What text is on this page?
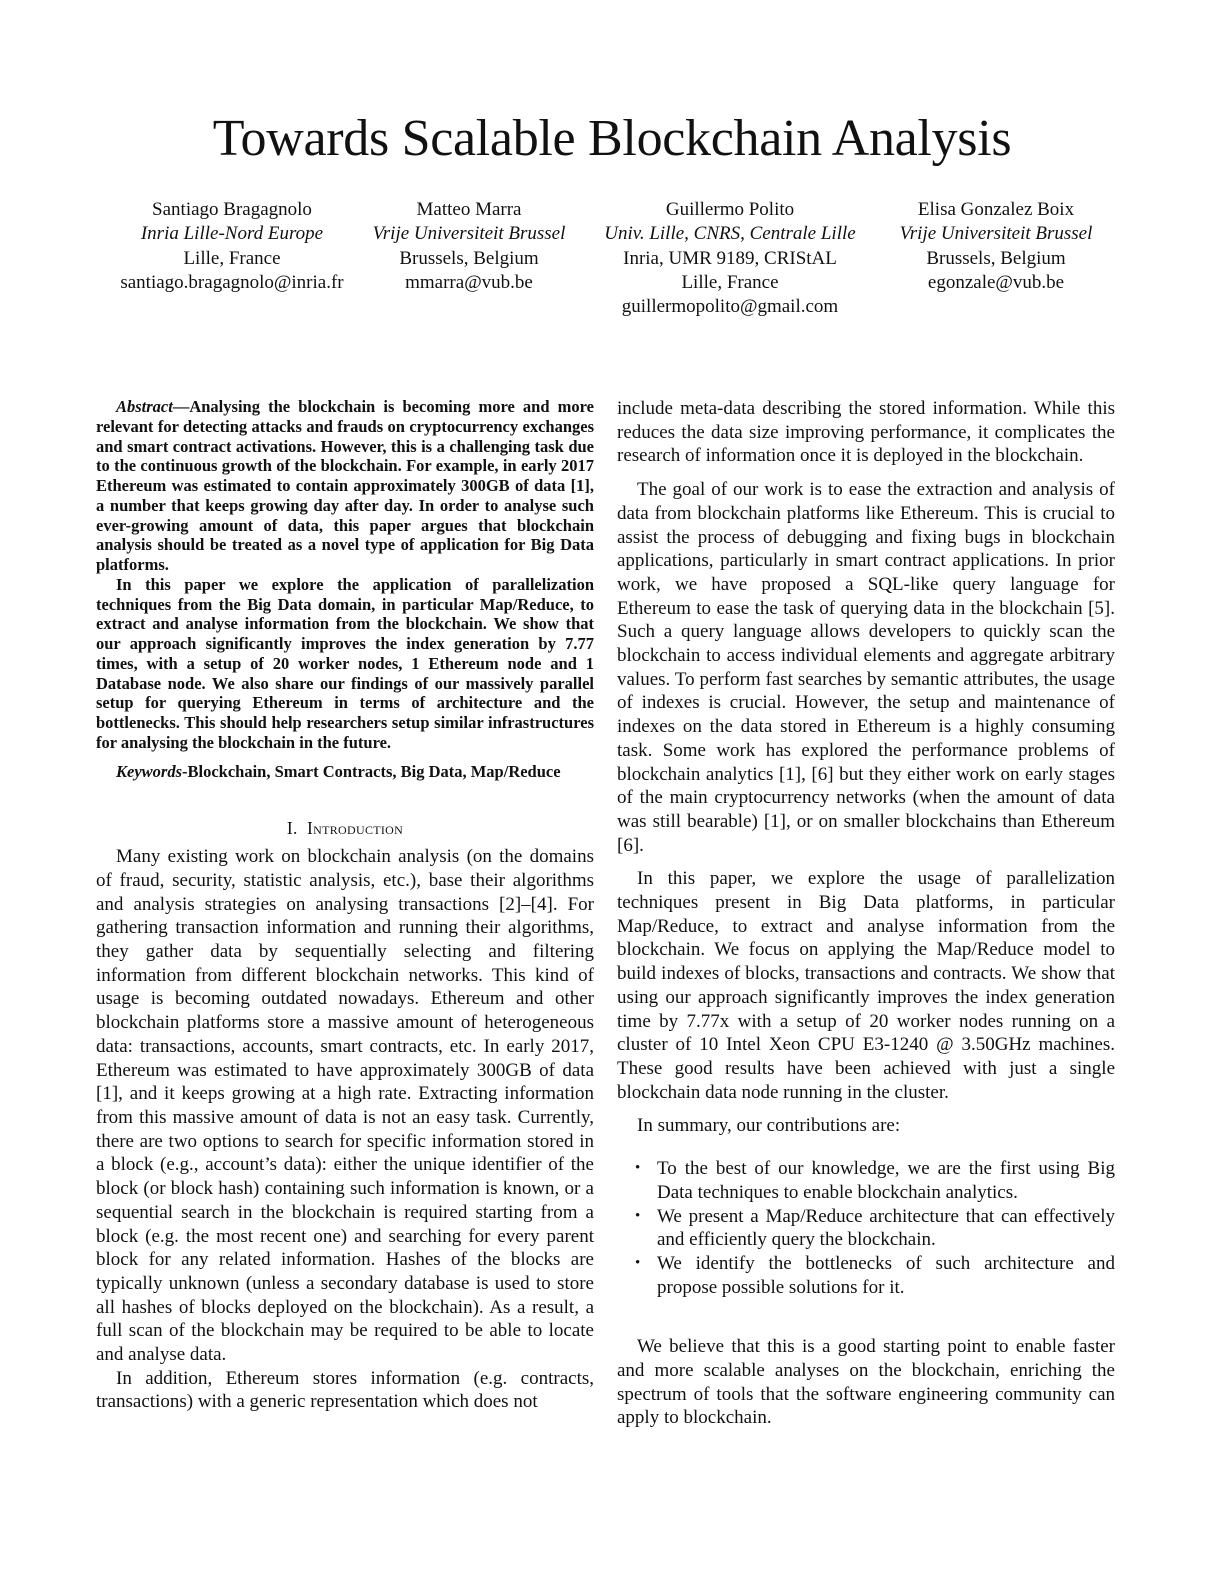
Towards Scalable Blockchain Analysis
Santiago Bragagnolo
Inria Lille-Nord Europe
Lille, France
santiago.bragagnolo@inria.fr
Matteo Marra
Vrije Universiteit Brussel
Brussels, Belgium
mmarra@vub.be
Guillermo Polito
Univ. Lille, CNRS, Centrale Lille
Inria, UMR 9189, CRIStAL
Lille, France
guillermopolito@gmail.com
Elisa Gonzalez Boix
Vrije Universiteit Brussel
Brussels, Belgium
egonzale@vub.be

Abstract—Analysing the blockchain is becoming more and more relevant for detecting attacks and frauds on cryptocurrency exchanges and smart contract activations. However, this is a challenging task due to the continuous growth of the blockchain. For example, in early 2017 Ethereum was estimated to contain approximately 300GB of data [1], a number that keeps growing day after day. In order to analyse such ever-growing amount of data, this paper argues that blockchain analysis should be treated as a novel type of application for Big Data platforms.

In this paper we explore the application of parallelization techniques from the Big Data domain, in particular Map/Reduce, to extract and analyse information from the blockchain. We show that our approach significantly improves the index generation by 7.77 times, with a setup of 20 worker nodes, 1 Ethereum node and 1 Database node. We also share our findings of our massively parallel setup for querying Ethereum in terms of architecture and the bottlenecks. This should help researchers setup similar infrastructures for analysing the blockchain in the future.

Keywords-Blockchain, Smart Contracts, Big Data, Map/Reduce

I. Introduction

Many existing work on blockchain analysis (on the domains of fraud, security, statistic analysis, etc.), base their algorithms and analysis strategies on analysing transactions [2]–[4]. For gathering transaction information and running their algorithms, they gather data by sequentially selecting and filtering information from different blockchain networks. This kind of usage is becoming outdated nowadays. Ethereum and other blockchain platforms store a massive amount of heterogeneous data: transactions, accounts, smart contracts, etc. In early 2017, Ethereum was estimated to have approximately 300GB of data [1], and it keeps growing at a high rate. Extracting information from this massive amount of data is not an easy task. Currently, there are two options to search for specific information stored in a block (e.g., account’s data): either the unique identifier of the block (or block hash) containing such information is known, or a sequential search in the blockchain is required starting from a block (e.g. the most recent one) and searching for every parent block for any related information. Hashes of the blocks are typically unknown (unless a secondary database is used to store all hashes of blocks deployed on the blockchain). As a result, a full scan of the blockchain may be required to be able to locate and analyse data.

In addition, Ethereum stores information (e.g. contracts, transactions) with a generic representation which does not

include meta-data describing the stored information. While this reduces the data size improving performance, it complicates the research of information once it is deployed in the blockchain.

The goal of our work is to ease the extraction and analysis of data from blockchain platforms like Ethereum. This is crucial to assist the process of debugging and fixing bugs in blockchain applications, particularly in smart contract applications. In prior work, we have proposed a SQL-like query language for Ethereum to ease the task of querying data in the blockchain [5]. Such a query language allows developers to quickly scan the blockchain to access individual elements and aggregate arbitrary values. To perform fast searches by semantic attributes, the usage of indexes is crucial. However, the setup and maintenance of indexes on the data stored in Ethereum is a highly consuming task. Some work has explored the performance problems of blockchain analytics [1], [6] but they either work on early stages of the main cryptocurrency networks (when the amount of data was still bearable) [1], or on smaller blockchains than Ethereum [6].

In this paper, we explore the usage of parallelization techniques present in Big Data platforms, in particular Map/Reduce, to extract and analyse information from the blockchain. We focus on applying the Map/Reduce model to build indexes of blocks, transactions and contracts. We show that using our approach significantly improves the index generation time by 7.77x with a setup of 20 worker nodes running on a cluster of 10 Intel Xeon CPU E3-1240 @ 3.50GHz machines. These good results have been achieved with just a single blockchain data node running in the cluster.

In summary, our contributions are:

• To the best of our knowledge, we are the first using Big Data techniques to enable blockchain analytics.
• We present a Map/Reduce architecture that can effectively and efficiently query the blockchain.
• We identify the bottlenecks of such architecture and propose possible solutions for it.

We believe that this is a good starting point to enable faster and more scalable analyses on the blockchain, enriching the spectrum of tools that the software engineering community can apply to blockchain.
